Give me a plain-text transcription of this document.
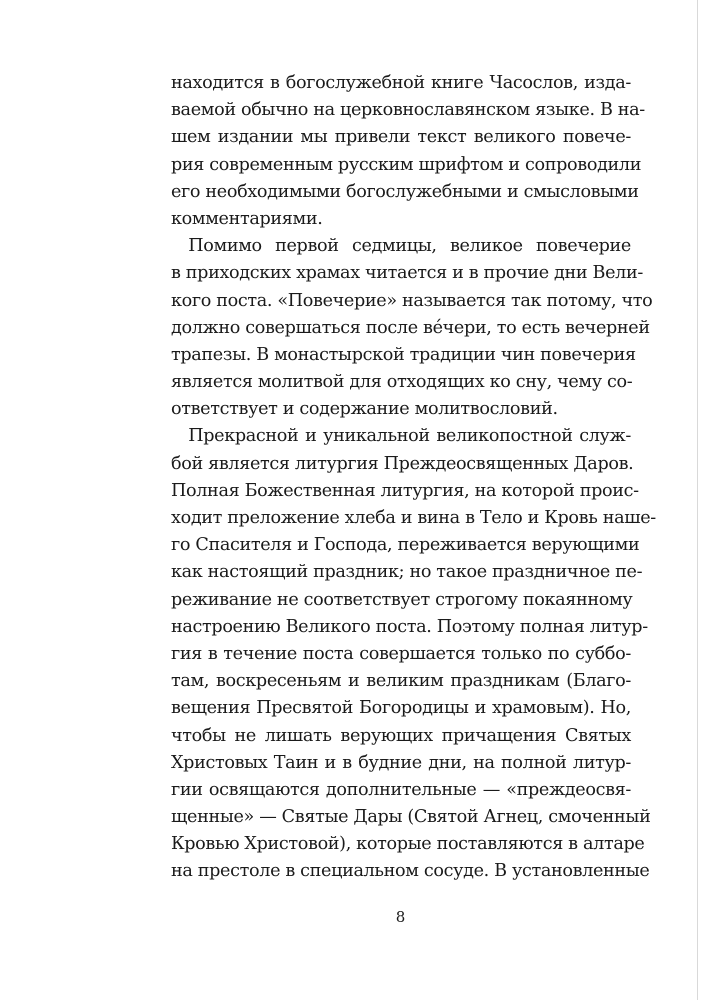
находится в богослужебной книге Часослов, изда-
ваемой обычно на церковнославянском языке. В на-
шем издании мы привели текст великого повече-
рия современным русским шрифтом и сопроводили
его необходимыми богослужебными и смысловыми
комментариями.
 Помимо первой седмицы, великое повечерие
в приходских храмах читается и в прочие дни Вели-
кого поста. «Повечерие» называется так потому, что
должно совершаться после ве́чери, то есть вечерней
трапезы. В монастырской традиции чин повечерия
является молитвой для отходящих ко сну, чему со-
ответствует и содержание молитвословий.
 Прекрасной и уникальной великопостной служ-
бой является литургия Преждеосвященных Даров.
Полная Божественная литургия, на которой проис-
ходит преложение хлеба и вина в Тело и Кровь наше-
го Спасителя и Господа, переживается верующими
как настоящий праздник; но такое праздничное пе-
реживание не соответствует строгому покаянному
настроению Великого поста. Поэтому полная литур-
гия в течение поста совершается только по суббо-
там, воскресеньям и великим праздникам (Благо-
вещения Пресвятой Богородицы и храмовым). Но,
чтобы не лишать верующих причащения Святых
Христовых Таин и в будние дни, на полной литур-
гии освящаются дополнительные — «преждеосвя-
щенные» — Святые Дары (Святой Агнец, смоченный
Кровью Христовой), которые поставляются в алтаре
на престоле в специальном сосуде. В установленные
8
